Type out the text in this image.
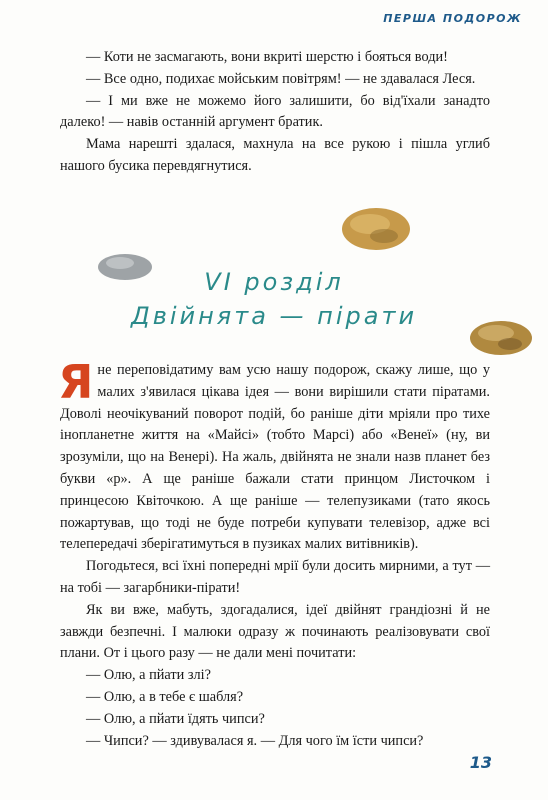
ПЕРША ПОДОРОЖ

— Коти не засмагають, вони вкриті шерстю і бояться води!

— Все одно, подихає мойським повітрям! — не здавалася Леся.

— І ми вже не можемо його залишити, бо від'їхали занадто далеко! — навів останній аргумент братик.

Мама нарешті здалася, махнула на все рукою і пішла углиб нашого бусика перевдягнутися.

VI розділ
Двійнята — пірати

Яне переповідатиму вам усю нашу подорож, скажу лише, що у малих з'явилася цікава ідея — вони вирішили стати піратами. Доволі неочікуваний поворот подій, бо раніше діти мріяли про тихе інопланетне життя на «Майсі» (тобто Марсі) або «Венеї» (ну, ви зрозуміли, що на Венері). На жаль, двійнята не знали назв планет без букви «р». А ще раніше бажали стати принцом Листочком і принцесою Квіточкою. А ще раніше — телепузиками (тато якось пожартував, що тоді не буде потреби купувати телевізор, адже всі телепередачі зберігатимуться в пузиках малих витівників).

Погодьтеся, всі їхні попередні мрії були досить мирними, а тут — на тобі — загарбники-пірати!

Як ви вже, мабуть, здогадалися, ідеї двійнят грандіозні й не завжди безпечні. І малюки одразу ж починають реалізовувати свої плани. От і цього разу — не дали мені почитати:

— Олю, а пйати злі?

— Олю, а в тебе є шабля?

— Олю, а пйати їдять чипси?

— Чипси? — здивувалася я. — Для чого їм їсти чипси?

13
